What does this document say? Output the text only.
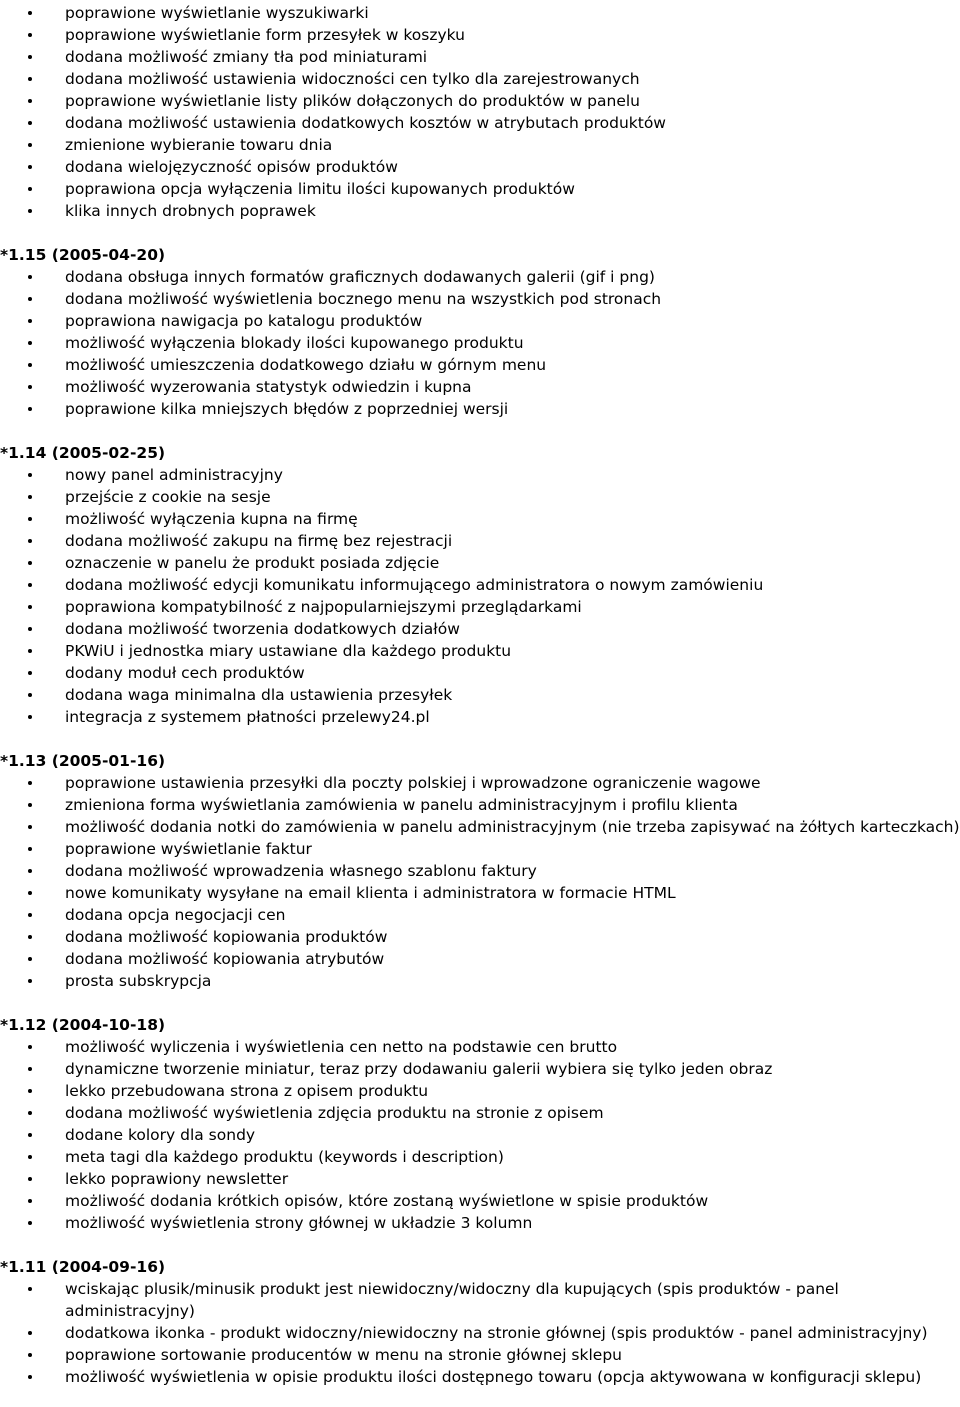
poprawione wyświetlanie wyszukiwarki
poprawione wyświetlanie form przesyłek w koszyku
dodana możliwość zmiany tła pod miniaturami
dodana możliwość ustawienia widoczności cen tylko dla zarejestrowanych
poprawione wyświetlanie listy plików dołączonych do produktów w panelu
dodana możliwość ustawienia dodatkowych kosztów w atrybutach produktów
zmienione wybieranie towaru dnia
dodana wielojęzyczność opisów produktów
poprawiona opcja wyłączenia limitu ilości kupowanych produktów
klika innych drobnych poprawek
*1.15 (2005-04-20)
dodana obsługa innych formatów graficznych dodawanych galerii (gif i png)
dodana możliwość wyświetlenia bocznego menu na wszystkich pod stronach
poprawiona nawigacja po katalogu produktów
możliwość wyłączenia blokady ilości kupowanego produktu
możliwość umieszczenia dodatkowego działu w górnym menu
możliwość wyzerowania statystyk odwiedzin i kupna
poprawione kilka mniejszych błędów z poprzedniej wersji
*1.14 (2005-02-25)
nowy panel administracyjny
przejście z cookie na sesje
możliwość wyłączenia kupna na firmę
dodana możliwość zakupu na firmę bez rejestracji
oznaczenie w panelu że produkt posiada zdjęcie
dodana możliwość edycji komunikatu informującego administratora o nowym zamówieniu
poprawiona kompatybilność z najpopularniejszymi przeglądarkami
dodana możliwość tworzenia dodatkowych działów
PKWiU i jednostka miary ustawiane dla każdego produktu
dodany moduł cech produktów
dodana waga minimalna dla ustawienia przesyłek
integracja z systemem płatności przelewy24.pl
*1.13 (2005-01-16)
poprawione ustawienia przesyłki dla poczty polskiej i wprowadzone ograniczenie wagowe
zmieniona forma wyświetlania zamówienia w panelu administracyjnym i profilu klienta
możliwość dodania notki do zamówienia w panelu administracyjnym (nie trzeba zapisywać na żółtych karteczkach)
poprawione wyświetlanie faktur
dodana możliwość wprowadzenia własnego szablonu faktury
nowe komunikaty wysyłane na email klienta i administratora w formacie HTML
dodana opcja negocjacji cen
dodana możliwość kopiowania produktów
dodana możliwość kopiowania atrybutów
prosta subskrypcja
*1.12 (2004-10-18)
możliwość wyliczenia i wyświetlenia cen netto na podstawie cen brutto
dynamiczne tworzenie miniatur, teraz przy dodawaniu galerii wybiera się tylko jeden obraz
lekko przebudowana strona z opisem produktu
dodana możliwość wyświetlenia zdjęcia produktu na stronie z opisem
dodane kolory dla sondy
meta tagi dla każdego produktu (keywords i description)
lekko poprawiony newsletter
możliwość dodania krótkich opisów, które zostaną wyświetlone w spisie produktów
możliwość wyświetlenia strony głównej w układzie 3 kolumn
*1.11 (2004-09-16)
wciskając plusik/minusik produkt jest niewidoczny/widoczny dla kupujących (spis produktów - panel administracyjny)
dodatkowa ikonka - produkt widoczny/niewidoczny na stronie głównej (spis produktów - panel administracyjny)
poprawione sortowanie producentów w menu na stronie głównej sklepu
możliwość wyświetlenia w opisie produktu ilości dostępnego towaru (opcja aktywowana w konfiguracji sklepu)
